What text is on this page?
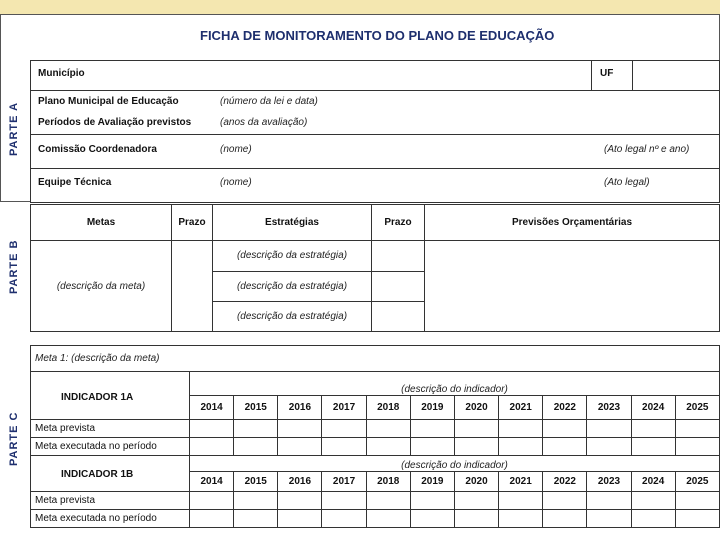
FICHA DE MONITORAMENTO DO PLANO DE EDUCAÇÃO
PARTE A

Município	UF
Plano Municipal de Educação	(número da lei e data)
Períodos de Avaliação previstos	(anos da avaliação)
Comissão Coordenadora	(nome)	(Ato legal nº e ano)
Equipe Técnica	(nome)	(Ato legal)
PARTE B
Metas	Prazo	Estratégias	Prazo	Previsões Orçamentárias
(descrição da meta)		(descrição da estratégia)		
		(descrição da estratégia)		
		(descrição da estratégia)		
PARTE C
Meta 1: (descrição da meta)												

INDICADOR 1A	(descrição do indicador)											
	2014	2015	2016	2017	2018	2019	2020	2021	2022	2023	2024	2025
Meta prevista												
Meta executada no período												

INDICADOR 1B	(descrição do indicador)											
	2014	2015	2016	2017	2018	2019	2020	2021	2022	2023	2024	2025
Meta prevista												
Meta executada no período												
